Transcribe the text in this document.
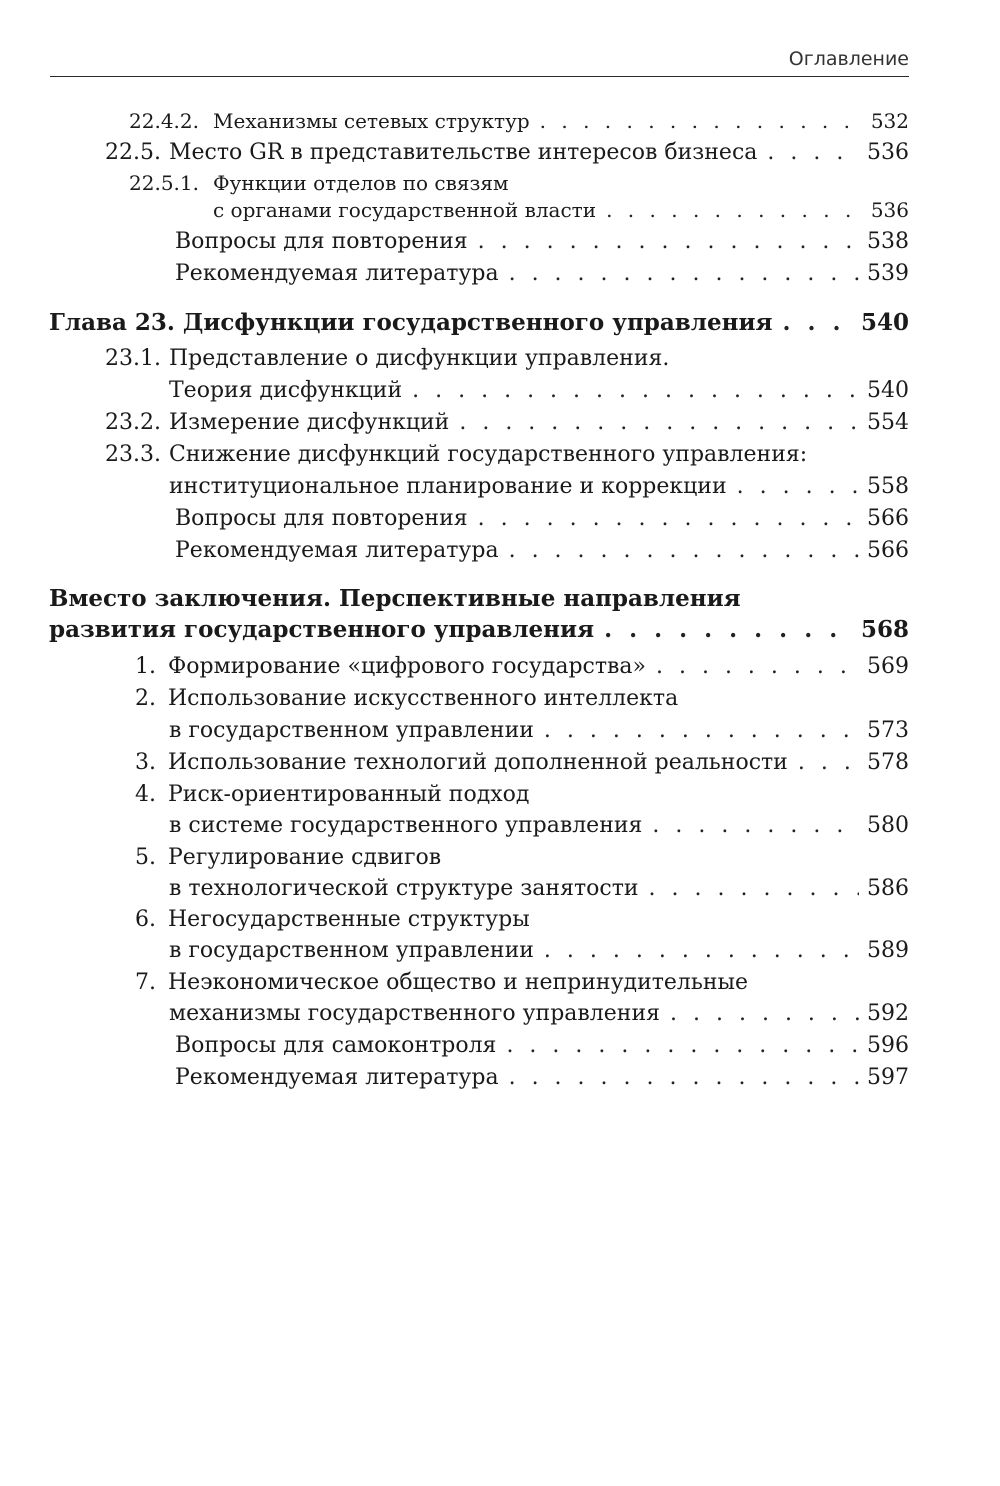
Оглавление
22.4.2. Механизмы сетевых структур . . .	532
22.5. Место GR в представительстве интересов бизнеса . . .	536
22.5.1. Функции отделов по связям
с органами государственной власти . . .	536
Вопросы для повторения . . .	538
Рекомендуемая литература . . .	539
Глава 23. Дисфункции государственного управления . . .	540
23.1. Представление о дисфункции управления.
Теория дисфункций . . .	540
23.2. Измерение дисфункций . . .	554
23.3. Снижение дисфункций государственного управления:
институциональное планирование и коррекции . . .	558
Вопросы для повторения . . .	566
Рекомендуемая литература . . .	566
Вместо заключения. Перспективные направления
развития государственного управления . . .	568
1. Формирование «цифрового государства» . . .	569
2. Использование искусственного интеллекта
в государственном управлении . . .	573
3. Использование технологий дополненной реальности . . .	578
4. Риск-ориентированный подход
в системе государственного управления . . .	580
5. Регулирование сдвигов
в технологической структуре занятости . . .	586
6. Негосударственные структуры
в государственном управлении . . .	589
7. Неэкономическое общество и непринудительные
механизмы государственного управления . . .	592
Вопросы для самоконтроля . . .	596
Рекомендуемая литература . . .	597
